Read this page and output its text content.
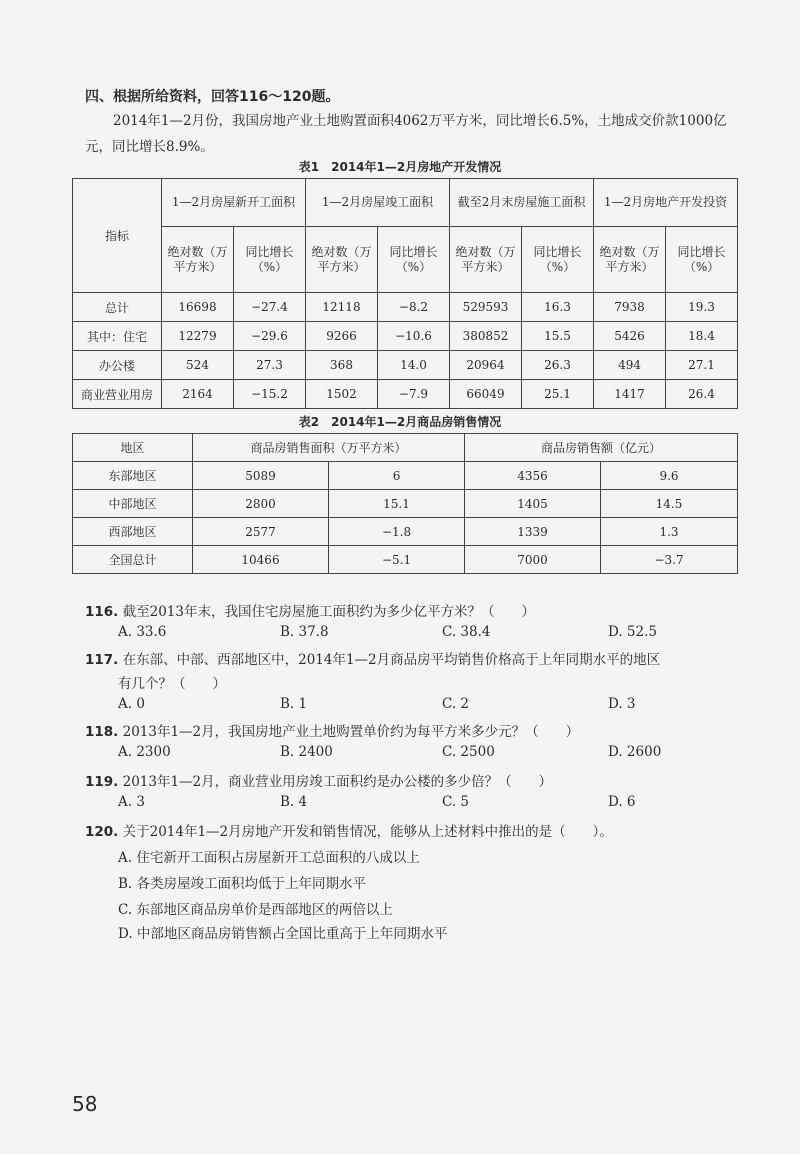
四、根据所给资料，回答116～120题。
2014年1—2月份，我国房地产业土地购置面积4062万平方米，同比增长6.5%，土地成交价款1000亿元，同比增长8.9%。
表1　2014年1—2月房地产开发情况
指标	1—2月房屋新开工面积		1—2月房屋竣工面积		截至2月末房屋施工面积		1—2月房地产开发投资	
	绝对数（万平方米）	同比增长（%）	绝对数（万平方米）	同比增长（%）	绝对数（万平方米）	同比增长（%）	绝对数（万平方米）	同比增长（%）
总计	16698	−27.4	12118	−8.2	529593	16.3	7938	19.3
其中：住宅	12279	−29.6	9266	−10.6	380852	15.5	5426	18.4
办公楼	524	27.3	368	14.0	20964	26.3	494	27.1
商业营业用房	2164	−15.2	1502	−7.9	66049	25.1	1417	26.4
表2　2014年1—2月商品房销售情况
地区	商品房销售面积（万平方米）		商品房销售额（亿元）	
东部地区	5089	6	4356	9.6
中部地区	2800	15.1	1405	14.5
西部地区	2577	−1.8	1339	1.3
全国总计	10466	−5.1	7000	−3.7
116. 截至2013年末，我国住宅房屋施工面积约为多少亿平方米？（　　）
A. 33.6	B. 37.8	C. 38.4	D. 52.5
117. 在东部、中部、西部地区中，2014年1—2月商品房平均销售价格高于上年同期水平的地区
有几个？（　　）
A. 0	B. 1	C. 2	D. 3
118. 2013年1—2月，我国房地产业土地购置单价约为每平方米多少元？（　　）
A. 2300	B. 2400	C. 2500	D. 2600
119. 2013年1—2月，商业营业用房竣工面积约是办公楼的多少倍？（　　）
A. 3	B. 4	C. 5	D. 6
120. 关于2014年1—2月房地产开发和销售情况，能够从上述材料中推出的是（　　）。
A. 住宅新开工面积占房屋新开工总面积的八成以上
B. 各类房屋竣工面积均低于上年同期水平
C. 东部地区商品房单价是西部地区的两倍以上
D. 中部地区商品房销售额占全国比重高于上年同期水平
58
